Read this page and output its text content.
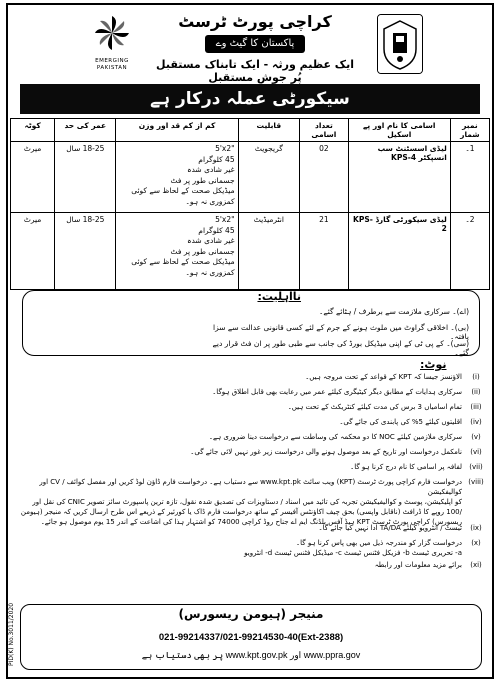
EMERGING PAKISTAN
کراچی پورٹ ٹرسٹ
پاکستان کا گیٹ وے
ایک عظیم ورثہ - ایک تابناک مستقبل پُر جوش مستقبل
سیکورٹی عملہ درکار ہے
نمبر شمار	اسامی کا نام اور پے اسکیل	تعداد اسامی	قابلیت	کم از کم قد اور وزن	عمر کی حد	کوٹہ
1۔	لیڈی اسسٹنٹ سب انسپکٹر KPS-4	02	گریجویٹ	5'x2"
45 کلوگرام
غیر شادی شدہ
جسمانی طور پر فٹ
میڈیکل صحت کے لحاظ سے کوئی کمزوری نہ ہو۔	18-25 سال	میرٹ
2۔	لیڈی سیکورٹی گارڈ KPS-2	21	انٹرمیڈیٹ	5'x2"
45 کلوگرام
غیر شادی شدہ
جسمانی طور پر فٹ
میڈیکل صحت کے لحاظ سے کوئی کمزوری نہ ہو۔	18-25 سال	میرٹ
نااہلیت:
(اے)۔ سرکاری ملازمت سے برطرف / ہٹائے گئے۔
(بی)۔ اخلاقی گراوٹ میں ملوث ہونے کے جرم کے لئے کسی قانونی عدالت سے سزا یافتہ۔
(سی)۔ کے پی ٹی کے اپنی میڈیکل بورڈ کی جانب سے طبی طور پر ان فٹ قرار دیے گئے۔
نوٹ:
(i)
الاؤنسز جیسا کہ KPT کے قواعد کے تحت مروجہ ہیں۔
(ii)
سرکاری ہدایات کے مطابق دیگر کیٹیگری کیلئے عمر میں رعایت بھی قابل اطلاق ہوگا۔
(iii)
تمام اسامیاں 3 برس کی مدت کیلئے کنٹریکٹ کے تحت ہیں۔
(iv)
اقلیتوں کیلئے 5% کی پابندی کی جائے گی۔
(v)
سرکاری ملازمین کیلئے NOC کا دو محکمہ کی وساطت سے درخواست دینا ضروری ہے۔
(vi)
نامکمل درخواست اور تاریخ کے بعد موصول ہونے والی درخواست زیر غور نہیں لائی جائے گی۔
(vii)
لفافہ پر اسامی کا نام درج کرنا ہو گا۔
(viii)
درخواست فارم کراچی پورٹ ٹرسٹ (KPT) ویب سائٹ www.kpt.pk سے دستیاب ہے۔ درخواست فارم ڈاؤن لوڈ کریں اور مفصل کوائف / CV اور کوالیفکیشن
کو اپلیکیشن، پوسٹ و کوالیفیکیشن تجربہ کی تائید میں اسناد / دستاویزات کی تصدیق شدہ نقول، تازہ ترین پاسپورٹ سائز تصویر CNIC کی نقل اور
/100 روپے کا ڈرافٹ (ناقابل واپسی) بحق چیف اکاؤنٹس آفیسر کے ساتھ درخواست فارم ڈاک یا کورئیر کے ذریعے اس طرح ارسال کریں کہ منیجر (ہیومن
ریسورس) کراچی پورٹ ٹرسٹ KPT ہیڈ آفس بلڈنگ ایم اے جناح روڈ کراچی 74000 کو اشتہار ہذا کی اشاعت کے اندر 15 یوم موصول ہو جائے۔
(ix)
ٹیسٹ / انٹرویو کیلئے TA/DA ادا نہیں کیا جائے گا۔
(x)
درخواست گزار کو مندرجہ ذیل میں بھی پاس کرنا ہو گا۔
a- تحریری ٹیسٹ b- فزیکل فٹنس ٹیسٹ c- میڈیکل فٹنس ٹیسٹ d- انٹرویو
(xi)
برائے مزید معلومات اور رابطہ
منیجر (ہیومن ریسورس)
021-99214337/021-99214530-40(Ext-2388)
www.ppra.gov اور www.kpt.gov.pk پر بھی دستیاب ہے
PID(K) No.3011/2020
